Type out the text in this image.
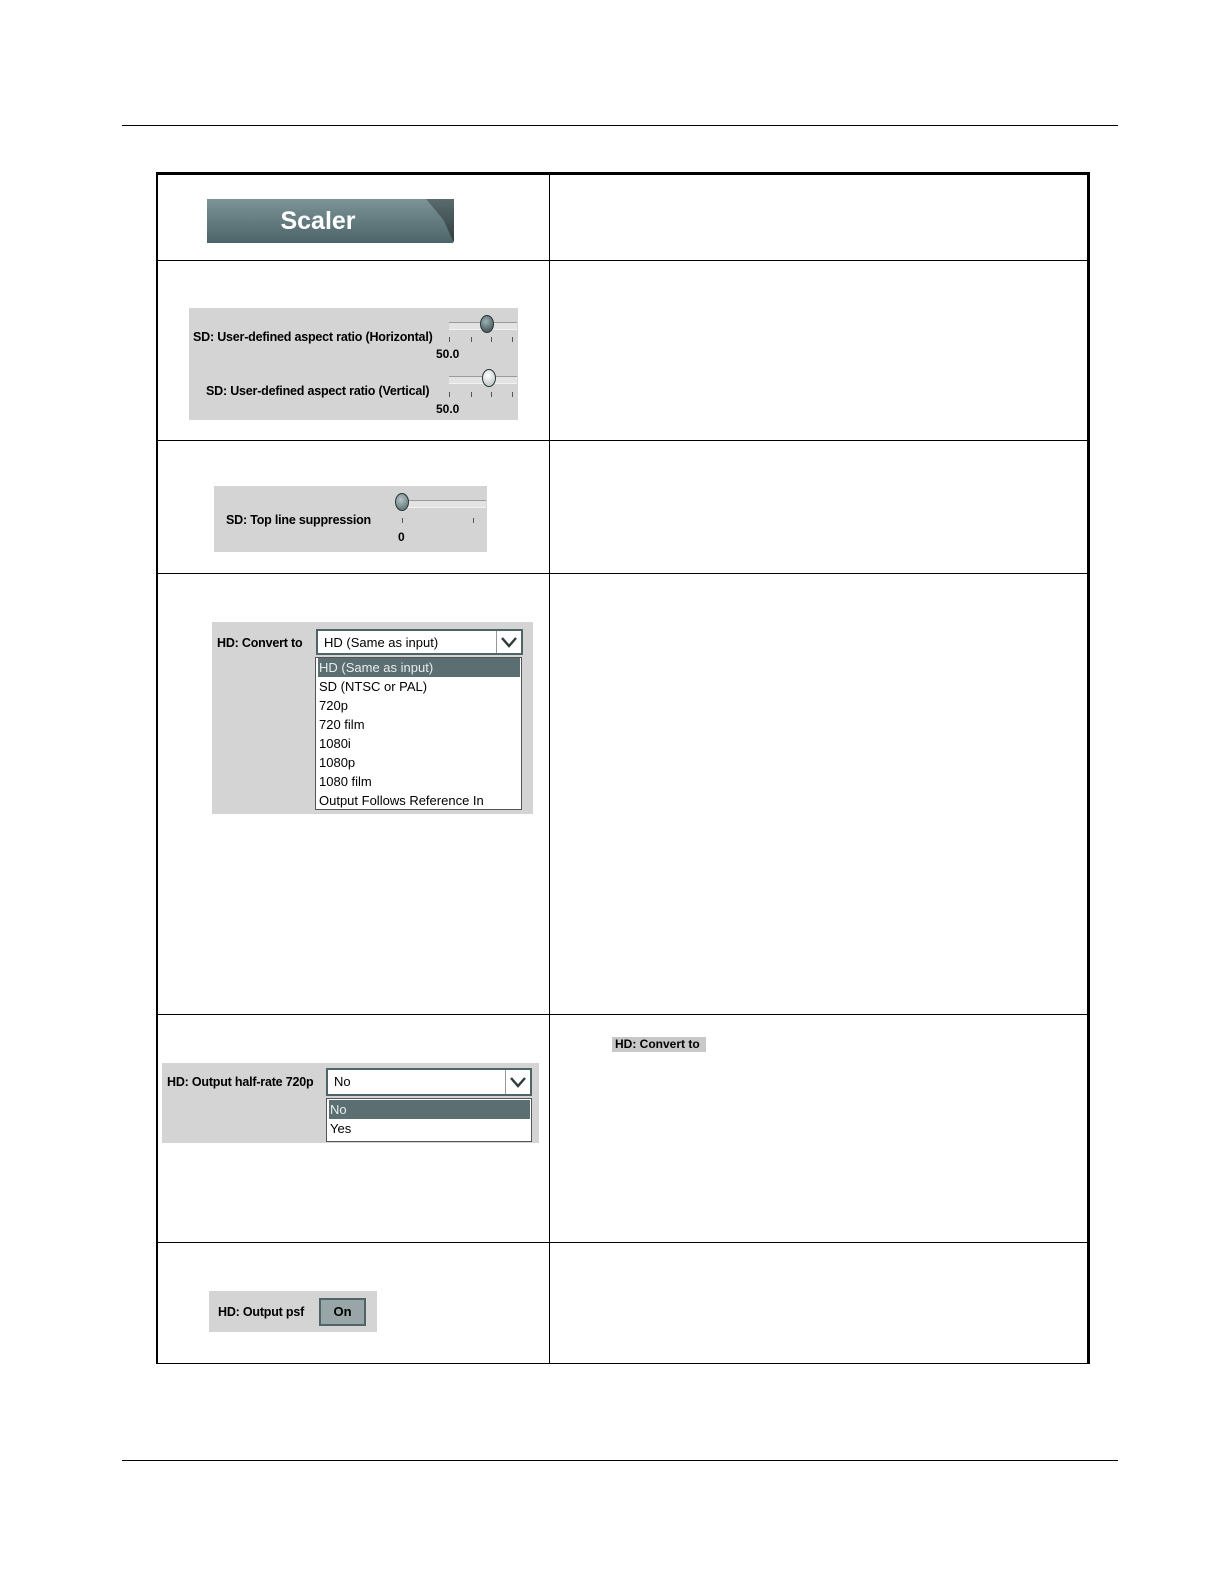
Scaler
SD: User-defined aspect ratio (Horizontal)
50.0
SD: User-defined aspect ratio (Vertical)
50.0
SD: Top line suppression
0
HD: Convert to HD (Same as input)
HD (Same as input)
SD (NTSC or PAL)
720p
720 film
1080i
1080p
1080 film
Output Follows Reference In
HD: Output half-rate 720p No
No
Yes
HD: Convert to
HD: Output psf	On
